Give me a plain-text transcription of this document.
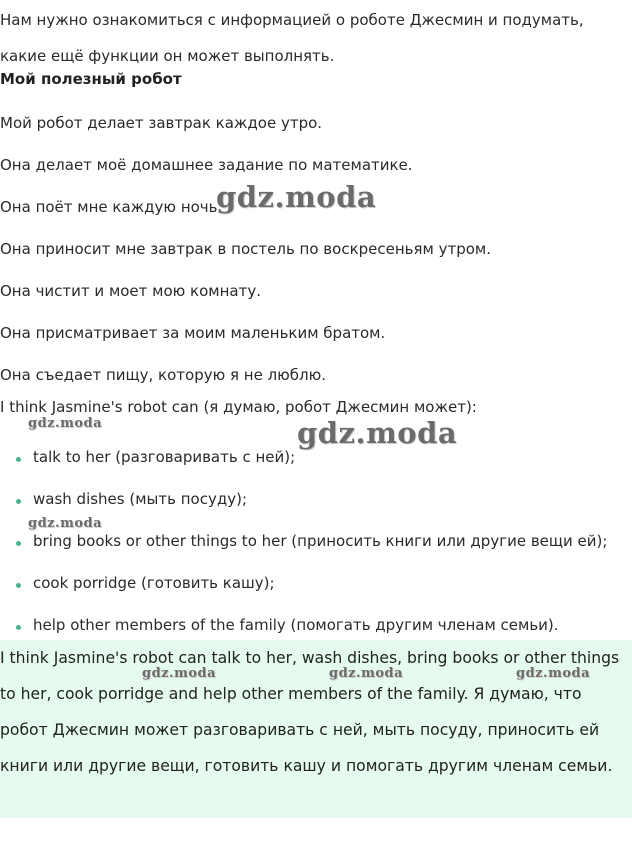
Нам нужно ознакомиться с информацией о роботе Джесмин и подумать, какие ещё функции он может выполнять.
Мой полезный робот
Мой робот делает завтрак каждое утро.
Она делает моё домашнее задание по математике.
Она поёт мне каждую ночь.
Она приносит мне завтрак в постель по воскресеньям утром.
Она чистит и моет мою комнату.
Она присматривает за моим маленьким братом.
Она съедает пищу, которую я не люблю.
I think Jasmine's robot can (я думаю, робот Джесмин может):
talk to her (разговаривать с ней);
wash dishes (мыть посуду);
bring books or other things to her (приносить книги или другие вещи ей);
cook porridge (готовить кашу);
help other members of the family (помогать другим членам семьи).
I think Jasmine's robot can talk to her, wash dishes, bring books or other things to her, cook porridge and help other members of the family. Я думаю, что робот Джесмин может разговаривать с ней, мыть посуду, приносить ей книги или другие вещи, готовить кашу и помогать другим членам семьи.
gdz.moda
gdz.moda
gdz.moda
gdz.moda
gdz.moda	gdz.moda	gdz.moda
